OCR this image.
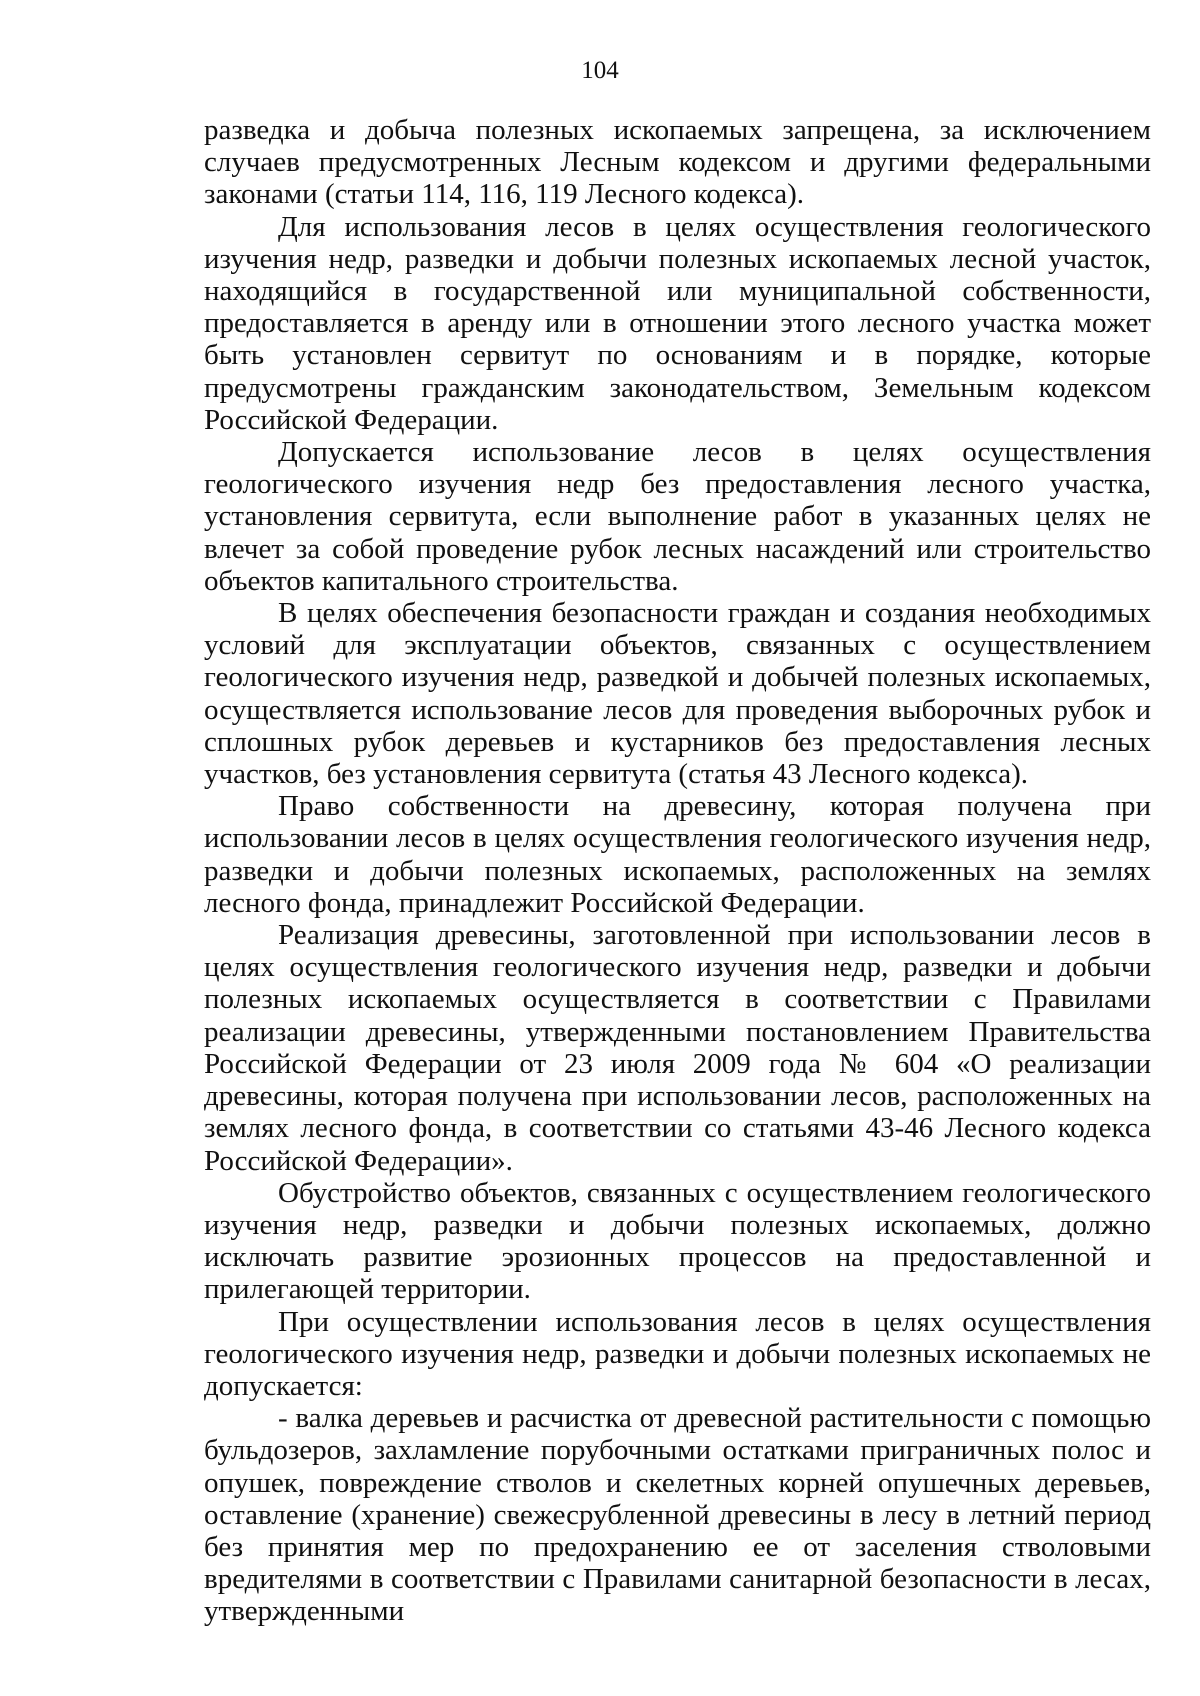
104

разведка и добыча полезных ископаемых запрещена, за исключением случаев предусмотренных Лесным кодексом и другими федеральными законами (статьи 114, 116, 119 Лесного кодекса).

Для использования лесов в целях осуществления геологического изучения недр, разведки и добычи полезных ископаемых лесной участок, находящийся в государственной или муниципальной собственности, предоставляется в аренду или в отношении этого лесного участка может быть установлен сервитут по основаниям и в порядке, которые предусмотрены гражданским законодательством, Земельным кодексом Российской Федерации.

Допускается использование лесов в целях осуществления геологического изучения недр без предоставления лесного участка, установления сервитута, если выполнение работ в указанных целях не влечет за собой проведение рубок лесных насаждений или строительство объектов капитального строительства.

В целях обеспечения безопасности граждан и создания необходимых условий для эксплуатации объектов, связанных с осуществлением геологического изучения недр, разведкой и добычей полезных ископаемых, осуществляется использование лесов для проведения выборочных рубок и сплошных рубок деревьев и кустарников без предоставления лесных участков, без установления сервитута (статья 43 Лесного кодекса).

Право собственности на древесину, которая получена при использовании лесов в целях осуществления геологического изучения недр, разведки и добычи полезных ископаемых, расположенных на землях лесного фонда, принадлежит Российской Федерации.

Реализация древесины, заготовленной при использовании лесов в целях осуществления геологического изучения недр, разведки и добычи полезных ископаемых осуществляется в соответствии с Правилами реализации древесины, утвержденными постановлением Правительства Российской Федерации от 23 июля 2009 года № 604 «О реализации древесины, которая получена при использовании лесов, расположенных на землях лесного фонда, в соответствии со статьями 43-46 Лесного кодекса Российской Федерации».

Обустройство объектов, связанных с осуществлением геологического изучения недр, разведки и добычи полезных ископаемых, должно исключать развитие эрозионных процессов на предоставленной и прилегающей территории.

При осуществлении использования лесов в целях осуществления геологического изучения недр, разведки и добычи полезных ископаемых не допускается:

- валка деревьев и расчистка от древесной растительности с помощью бульдозеров, захламление порубочными остатками приграничных полос и опушек, повреждение стволов и скелетных корней опушечных деревьев, оставление (хранение) свежесрубленной древесины в лесу в летний период без принятия мер по предохранению ее от заселения стволовыми вредителями в соответствии с Правилами санитарной безопасности в лесах, утвержденными
